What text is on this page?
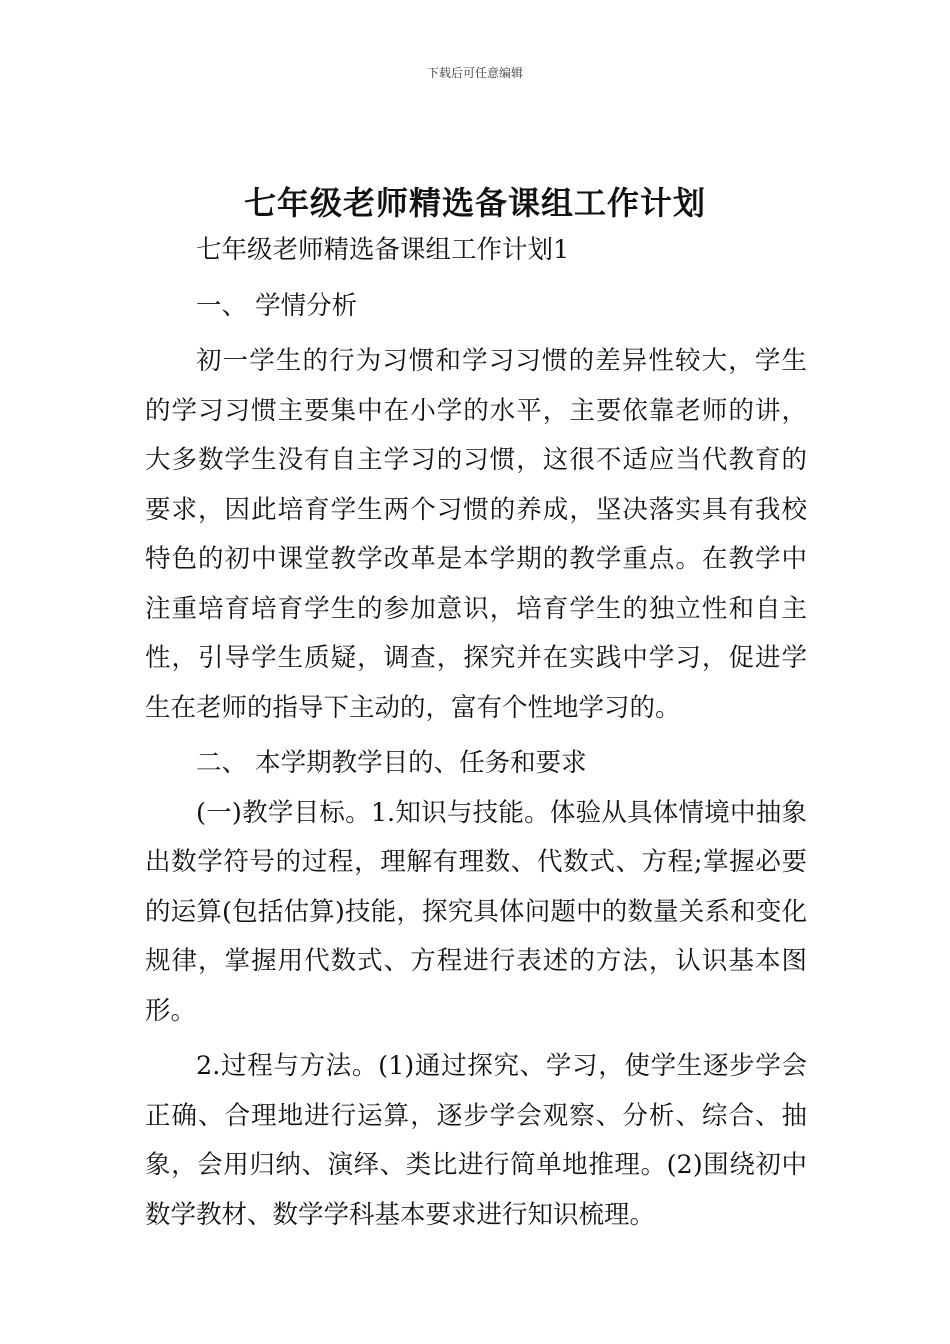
下载后可任意编辑
七年级老师精选备课组工作计划

七年级老师精选备课组工作计划1

一、 学情分析

初一学生的行为习惯和学习习惯的差异性较大，学生的学习习惯主要集中在小学的水平，主要依靠老师的讲，大多数学生没有自主学习的习惯，这很不适应当代教育的要求，因此培育学生两个习惯的养成，坚决落实具有我校特色的初中课堂教学改革是本学期的教学重点。在教学中注重培育培育学生的参加意识，培育学生的独立性和自主性，引导学生质疑，调查，探究并在实践中学习，促进学生在老师的指导下主动的，富有个性地学习的。

二、 本学期教学目的、任务和要求

(一)教学目标。1.知识与技能。体验从具体情境中抽象出数学符号的过程，理解有理数、代数式、方程;掌握必要的运算(包括估算)技能，探究具体问题中的数量关系和变化规律，掌握用代数式、方程进行表述的方法，认识基本图形。

2.过程与方法。(1)通过探究、学习，使学生逐步学会正确、合理地进行运算，逐步学会观察、分析、综合、抽象，会用归纳、演绎、类比进行简单地推理。(2)围绕初中数学教材、数学学科基本要求进行知识梳理。
